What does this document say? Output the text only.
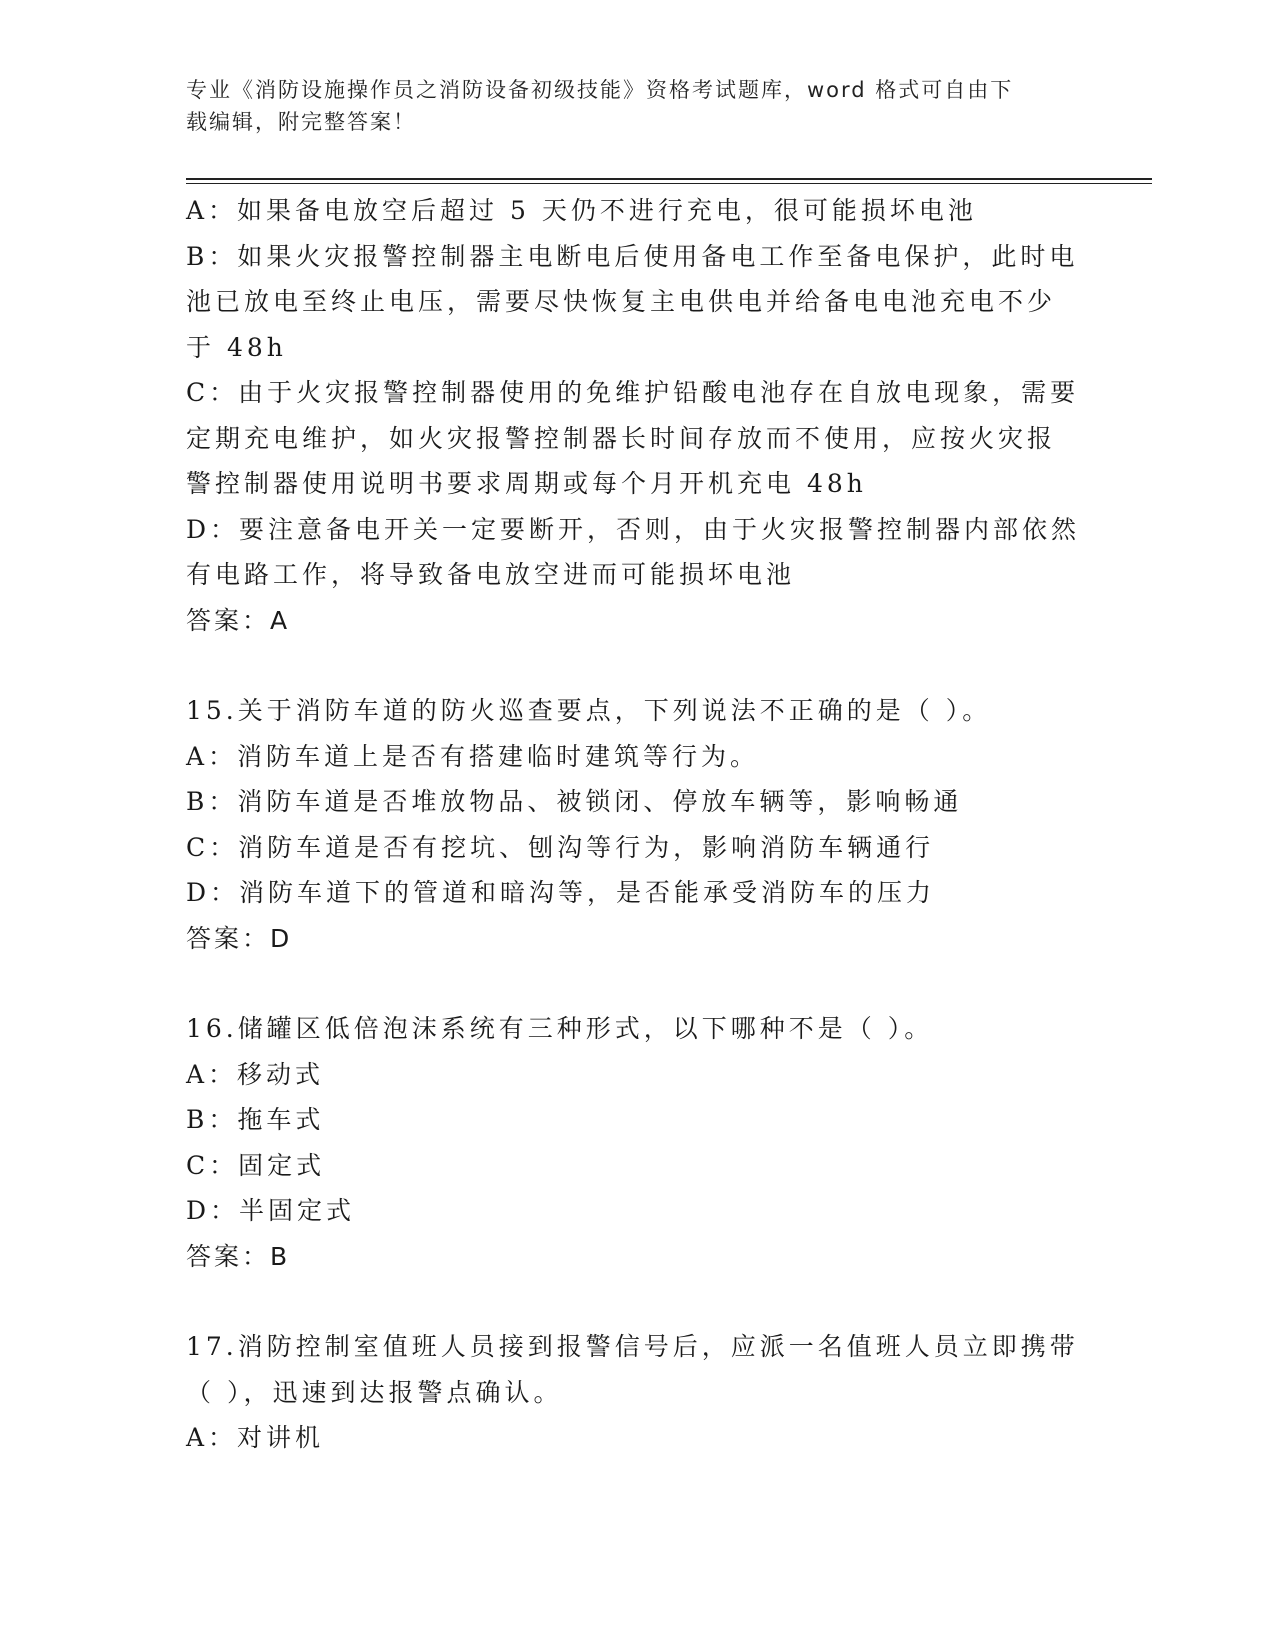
专业《消防设施操作员之消防设备初级技能》资格考试题库，word 格式可自由下
载编辑，附完整答案！
A：如果备电放空后超过 5 天仍不进行充电，很可能损坏电池
B：如果火灾报警控制器主电断电后使用备电工作至备电保护，此时电
池已放电至终止电压，需要尽快恢复主电供电并给备电电池充电不少
于 48h
C：由于火灾报警控制器使用的免维护铅酸电池存在自放电现象，需要
定期充电维护，如火灾报警控制器长时间存放而不使用，应按火灾报
警控制器使用说明书要求周期或每个月开机充电 48h
D：要注意备电开关一定要断开，否则，由于火灾报警控制器内部依然
有电路工作，将导致备电放空进而可能损坏电池
答案：A
15.关于消防车道的防火巡查要点，下列说法不正确的是（ ）。
A：消防车道上是否有搭建临时建筑等行为。
B：消防车道是否堆放物品、被锁闭、停放车辆等，影响畅通
C：消防车道是否有挖坑、刨沟等行为，影响消防车辆通行
D：消防车道下的管道和暗沟等，是否能承受消防车的压力
答案：D
16.储罐区低倍泡沫系统有三种形式，以下哪种不是（ ）。
A：移动式
B：拖车式
C：固定式
D：半固定式
答案：B
17.消防控制室值班人员接到报警信号后，应派一名值班人员立即携带
（ ），迅速到达报警点确认。
A：对讲机
